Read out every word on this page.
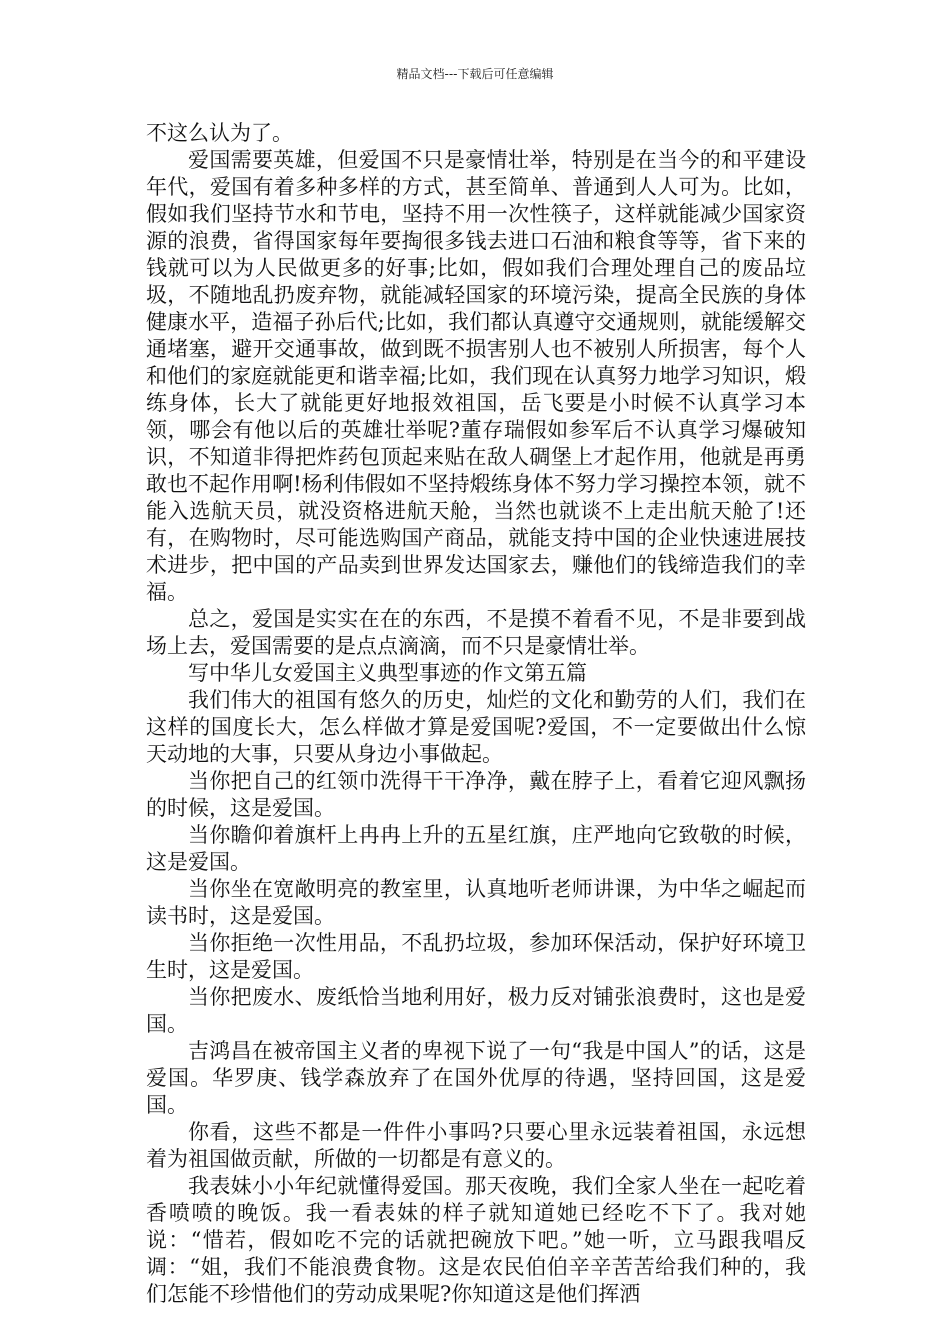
精品文档---下载后可任意编辑

不这么认为了。

爱国需要英雄，但爱国不只是豪情壮举，特别是在当今的和平建设年代，爱国有着多种多样的方式，甚至简单、普通到人人可为。比如，假如我们坚持节水和节电，坚持不用一次性筷子，这样就能减少国家资源的浪费，省得国家每年要掏很多钱去进口石油和粮食等等，省下来的钱就可以为人民做更多的好事;比如，假如我们合理处理自己的废品垃圾，不随地乱扔废弃物，就能减轻国家的环境污染，提高全民族的身体健康水平，造福子孙后代;比如，我们都认真遵守交通规则，就能缓解交通堵塞，避开交通事故，做到既不损害别人也不被别人所损害，每个人和他们的家庭就能更和谐幸福;比如，我们现在认真努力地学习知识，煅练身体，长大了就能更好地报效祖国，岳飞要是小时候不认真学习本领，哪会有他以后的英雄壮举呢?董存瑞假如参军后不认真学习爆破知识，不知道非得把炸药包顶起来贴在敌人碉堡上才起作用，他就是再勇敢也不起作用啊!杨利伟假如不坚持煅练身体不努力学习操控本领，就不能入选航天员，就没资格进航天舱，当然也就谈不上走出航天舱了!还有，在购物时，尽可能选购国产商品，就能支持中国的企业快速进展技术进步，把中国的产品卖到世界发达国家去，赚他们的钱缔造我们的幸福。

总之，爱国是实实在在的东西，不是摸不着看不见，不是非要到战场上去，爱国需要的是点点滴滴，而不只是豪情壮举。

写中华儿女爱国主义典型事迹的作文第五篇

我们伟大的祖国有悠久的历史，灿烂的文化和勤劳的人们，我们在这样的国度长大，怎么样做才算是爱国呢?爱国，不一定要做出什么惊天动地的大事，只要从身边小事做起。

当你把自己的红领巾洗得干干净净，戴在脖子上，看着它迎风飘扬的时候，这是爱国。

当你瞻仰着旗杆上冉冉上升的五星红旗，庄严地向它致敬的时候，这是爱国。

当你坐在宽敞明亮的教室里，认真地听老师讲课，为中华之崛起而读书时，这是爱国。

当你拒绝一次性用品，不乱扔垃圾，参加环保活动，保护好环境卫生时，这是爱国。

当你把废水、废纸恰当地利用好，极力反对铺张浪费时，这也是爱国。

吉鸿昌在被帝国主义者的卑视下说了一句“我是中国人”的话，这是爱国。华罗庚、钱学森放弃了在国外优厚的待遇，坚持回国，这是爱国。

你看，这些不都是一件件小事吗?只要心里永远装着祖国，永远想着为祖国做贡献，所做的一切都是有意义的。

我表妹小小年纪就懂得爱国。那天夜晚，我们全家人坐在一起吃着香喷喷的晚饭。我一看表妹的样子就知道她已经吃不下了。我对她说：“惜若，假如吃不完的话就把碗放下吧。”她一听，立马跟我唱反调：“姐，我们不能浪费食物。这是农民伯伯辛辛苦苦给我们种的，我们怎能不珍惜他们的劳动成果呢?你知道这是他们挥洒
